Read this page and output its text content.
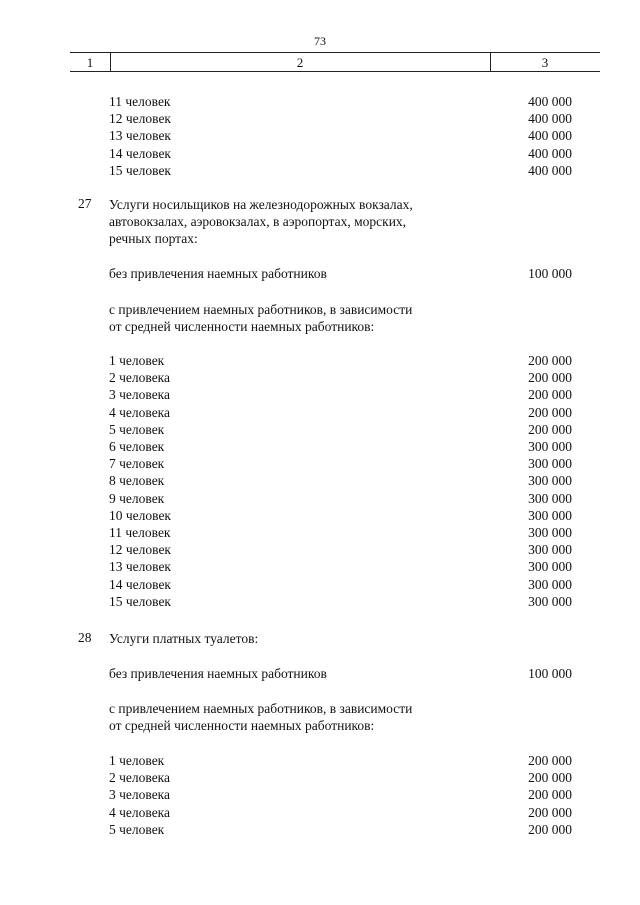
73
1	2	3
11 человек	400 000
12 человек	400 000
13 человек	400 000
14 человек	400 000
15 человек	400 000
27 Услуги носильщиков на железнодорожных вокзалах,
автовокзалах, аэровокзалах, в аэропортах, морских,
речных портах:
без привлечения наемных работников	100 000
с привлечением наемных работников, в зависимости
от средней численности наемных работников:
1 человек	200 000
2 человека	200 000
3 человека	200 000
4 человека	200 000
5 человек	200 000
6 человек	300 000
7 человек	300 000
8 человек	300 000
9 человек	300 000
10 человек	300 000
11 человек	300 000
12 человек	300 000
13 человек	300 000
14 человек	300 000
15 человек	300 000
28 Услуги платных туалетов:
без привлечения наемных работников	100 000
с привлечением наемных работников, в зависимости
от средней численности наемных работников:
1 человек	200 000
2 человека	200 000
3 человека	200 000
4 человека	200 000
5 человек	200 000
